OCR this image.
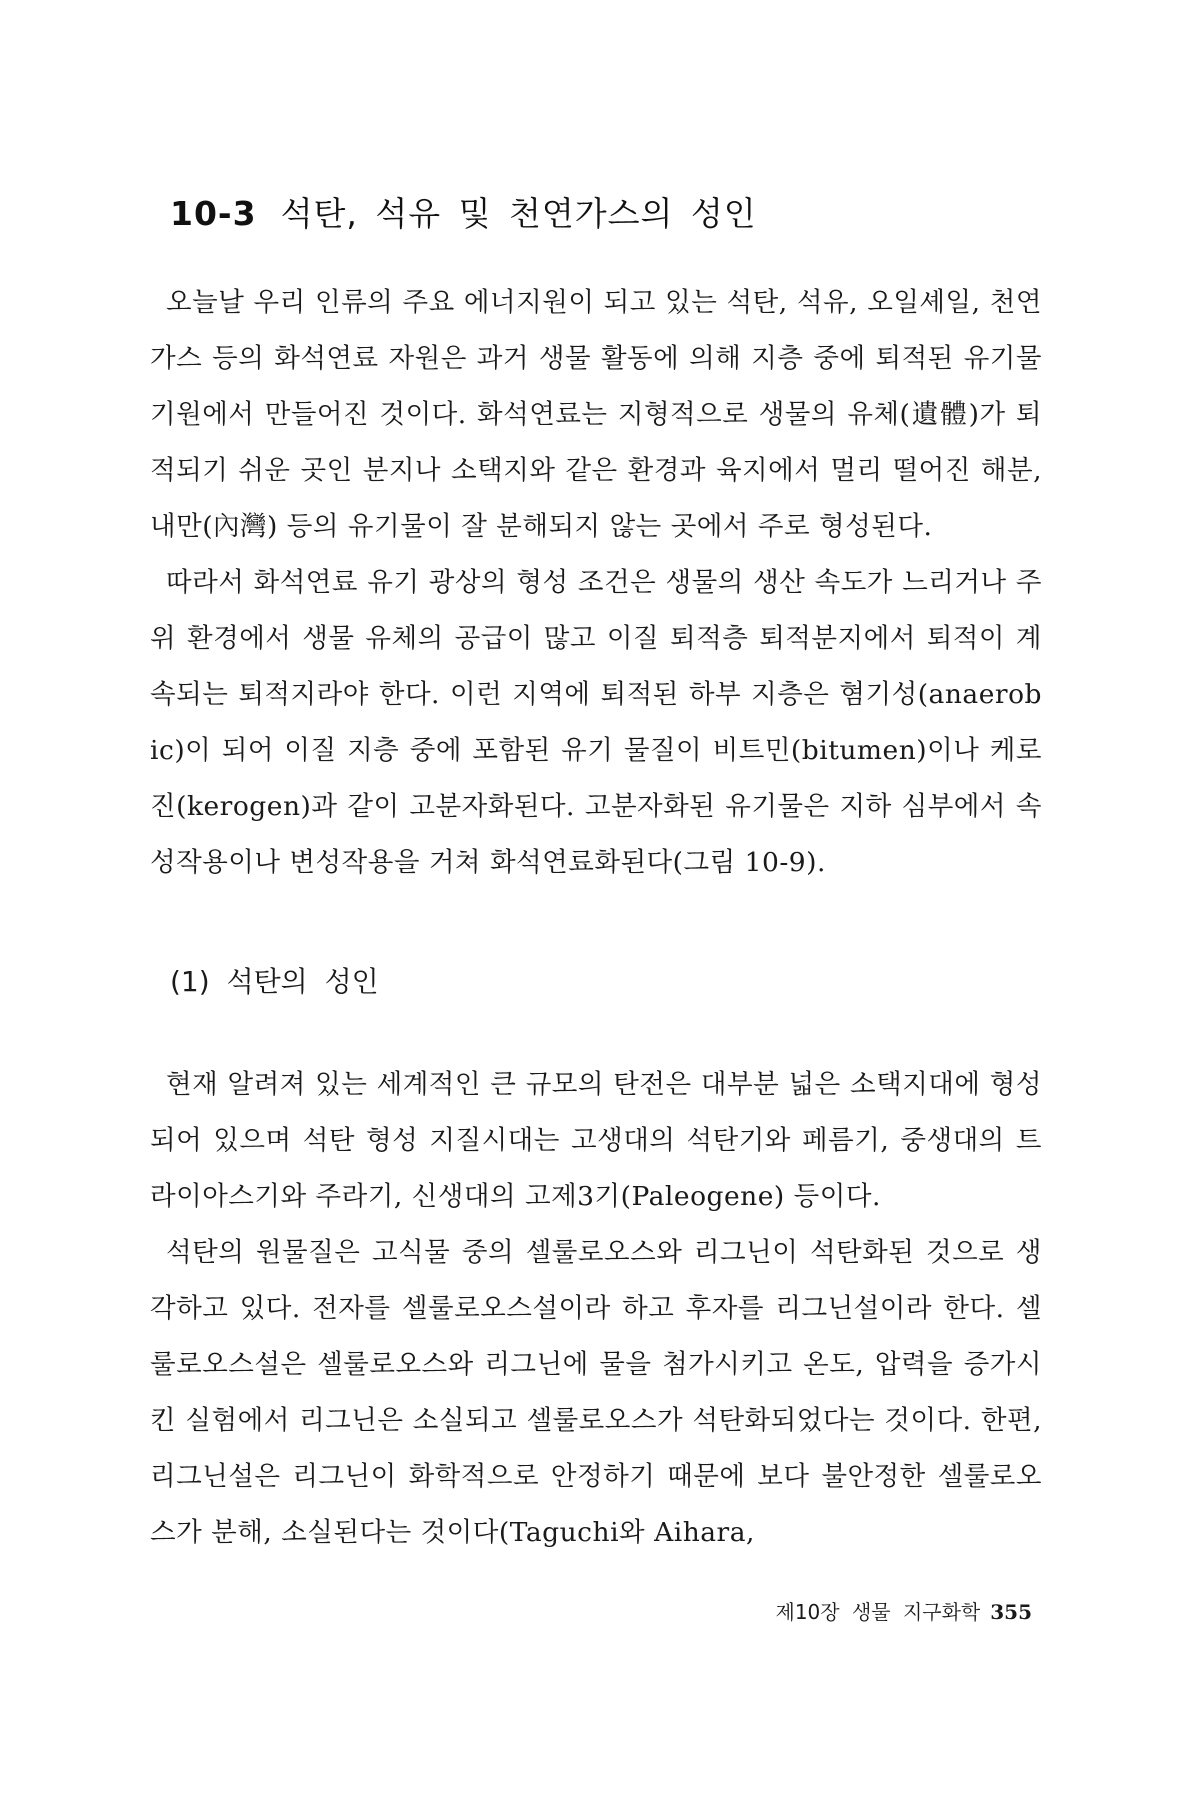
10-3 석탄, 석유 및 천연가스의 성인

오늘날 우리 인류의 주요 에너지원이 되고 있는 석탄, 석유, 오일셰일, 천연가스 등의 화석연료 자원은 과거 생물 활동에 의해 지층 중에 퇴적된 유기물 기원에서 만들어진 것이다. 화석연료는 지형적으로 생물의 유체(遺體)가 퇴적되기 쉬운 곳인 분지나 소택지와 같은 환경과 육지에서 멀리 떨어진 해분, 내만(內灣) 등의 유기물이 잘 분해되지 않는 곳에서 주로 형성된다.

따라서 화석연료 유기 광상의 형성 조건은 생물의 생산 속도가 느리거나 주위 환경에서 생물 유체의 공급이 많고 이질 퇴적층 퇴적분지에서 퇴적이 계속되는 퇴적지라야 한다. 이런 지역에 퇴적된 하부 지층은 혐기성(anaerobic)이 되어 이질 지층 중에 포함된 유기 물질이 비트민(bitumen)이나 케로진(kerogen)과 같이 고분자화된다. 고분자화된 유기물은 지하 심부에서 속성작용이나 변성작용을 거쳐 화석연료화된다(그림 10-9).

(1) 석탄의 성인

현재 알려져 있는 세계적인 큰 규모의 탄전은 대부분 넓은 소택지대에 형성되어 있으며 석탄 형성 지질시대는 고생대의 석탄기와 페름기, 중생대의 트라이아스기와 주라기, 신생대의 고제3기(Paleogene) 등이다.

석탄의 원물질은 고식물 중의 셀룰로오스와 리그닌이 석탄화된 것으로 생각하고 있다. 전자를 셀룰로오스설이라 하고 후자를 리그닌설이라 한다. 셀룰로오스설은 셀룰로오스와 리그닌에 물을 첨가시키고 온도, 압력을 증가시킨 실험에서 리그닌은 소실되고 셀룰로오스가 석탄화되었다는 것이다. 한편, 리그닌설은 리그닌이 화학적으로 안정하기 때문에 보다 불안정한 셀룰로오스가 분해, 소실된다는 것이다(Taguchi와 Aihara,

제10장 생물 지구화학 355
